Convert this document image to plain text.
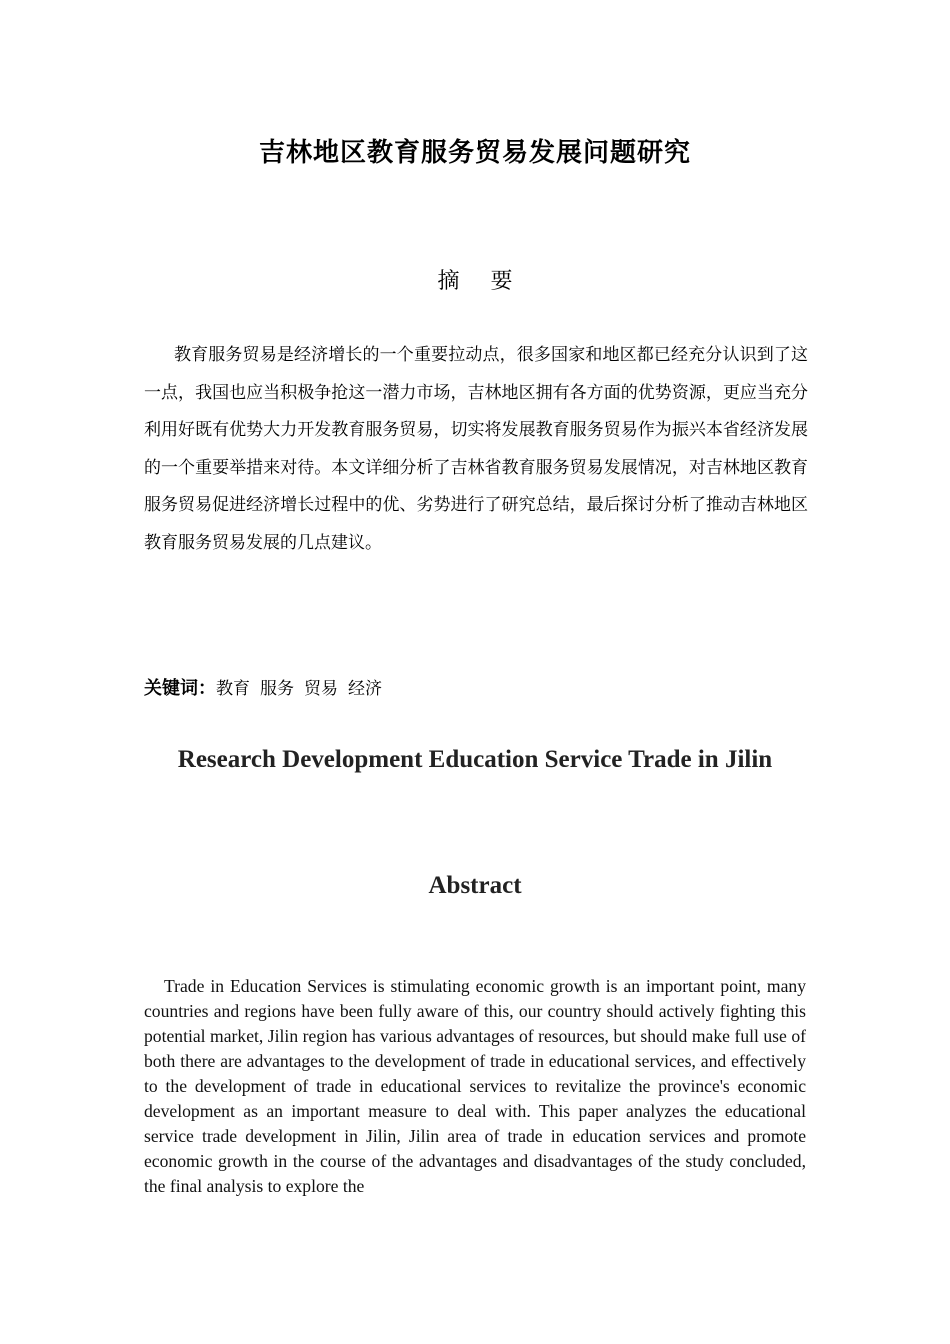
吉林地区教育服务贸易发展问题研究
摘 要

教育服务贸易是经济增长的一个重要拉动点，很多国家和地区都已经充分认识到了这一点，我国也应当积极争抢这一潜力市场，吉林地区拥有各方面的优势资源，更应当充分利用好既有优势大力开发教育服务贸易，切实将发展教育服务贸易作为振兴本省经济发展的一个重要举措来对待。本文详细分析了吉林省教育服务贸易发展情况，对吉林地区教育服务贸易促进经济增长过程中的优、劣势进行了研究总结，最后探讨分析了推动吉林地区教育服务贸易发展的几点建议。

关键词：教育 服务 贸易 经济
Research Development Education Service Trade in Jilin
Abstract

Trade in Education Services is stimulating economic growth is an important point, many countries and regions have been fully aware of this, our country should actively fighting this potential market, Jilin region has various advantages of resources, but should make full use of both there are advantages to the development of trade in educational services, and effectively to the development of trade in educational services to revitalize the province's economic development as an important measure to deal with. This paper analyzes the educational service trade development in Jilin, Jilin area of trade in education services and promote economic growth in the course of the advantages and disadvantages of the study concluded, the final analysis to explore the
